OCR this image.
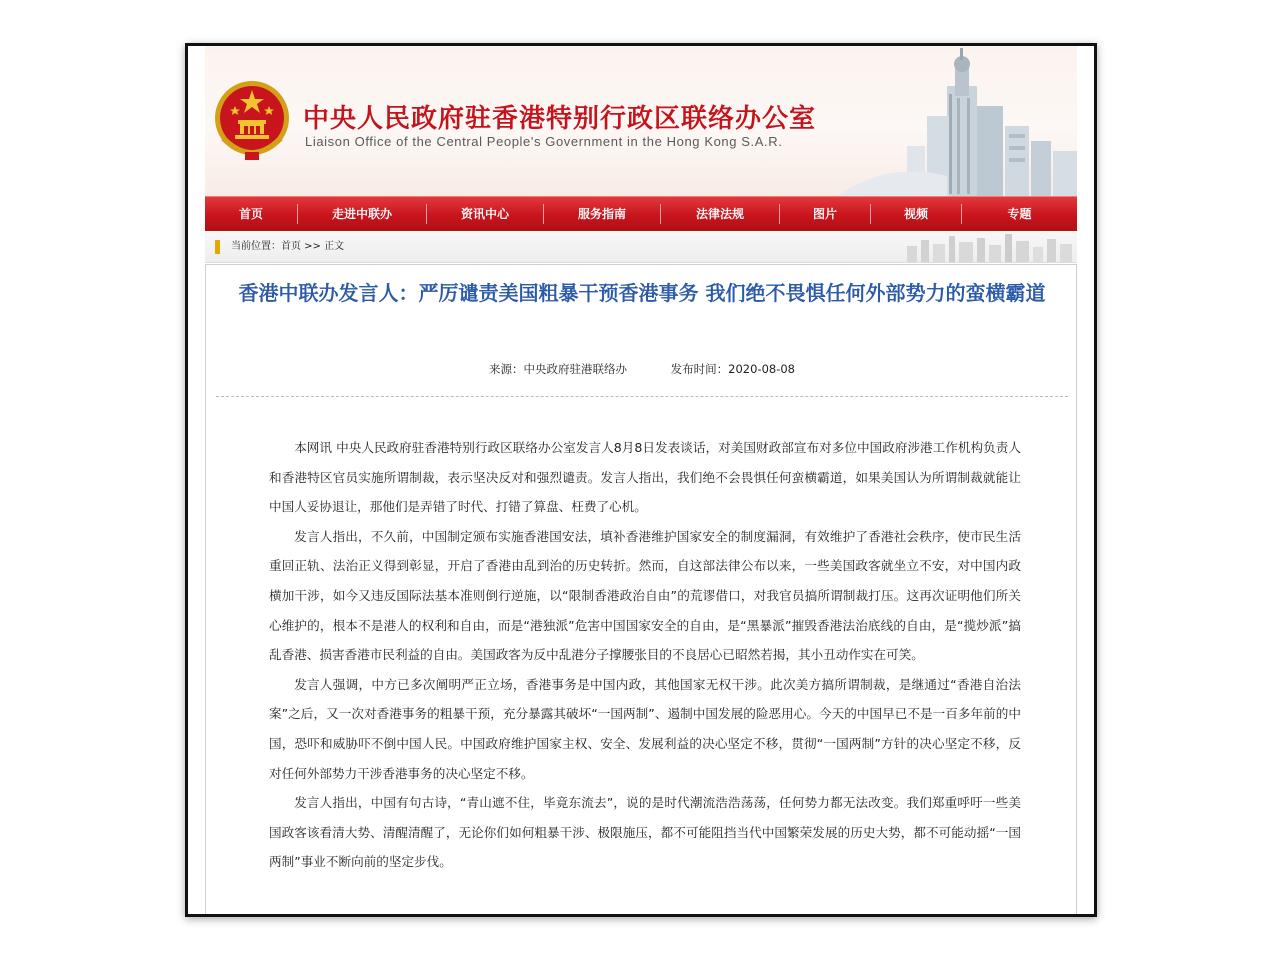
中央人民政府驻香港特别行政区联络办公室
Liaison Office of the Central People's Government in the Hong Kong S.A.R.
首页	走进中联办	资讯中心	服务指南	法律法规	图片	视频	专题
当前位置：首页 >> 正文
香港中联办发言人：严厉谴责美国粗暴干预香港事务 我们绝不畏惧任何外部势力的蛮横霸道
来源：中央政府驻港联络办	发布时间：2020-08-08

本网讯 中央人民政府驻香港特别行政区联络办公室发言人8月8日发表谈话，对美国财政部宣布对多位中国政府涉港工作机构负责人和香港特区官员实施所谓制裁，表示坚决反对和强烈谴责。发言人指出，我们绝不会畏惧任何蛮横霸道，如果美国认为所谓制裁就能让中国人妥协退让，那他们是弄错了时代、打错了算盘、枉费了心机。

发言人指出，不久前，中国制定颁布实施香港国安法，填补香港维护国家安全的制度漏洞，有效维护了香港社会秩序，使市民生活重回正轨、法治正义得到彰显，开启了香港由乱到治的历史转折。然而，自这部法律公布以来，一些美国政客就坐立不安，对中国内政横加干涉，如今又违反国际法基本准则倒行逆施，以“限制香港政治自由”的荒谬借口，对我官员搞所谓制裁打压。这再次证明他们所关心维护的，根本不是港人的权利和自由，而是“港独派”危害中国国家安全的自由，是“黑暴派”摧毁香港法治底线的自由，是“揽炒派”搞乱香港、损害香港市民利益的自由。美国政客为反中乱港分子撑腰张目的不良居心已昭然若揭，其小丑动作实在可笑。

发言人强调，中方已多次阐明严正立场，香港事务是中国内政，其他国家无权干涉。此次美方搞所谓制裁，是继通过“香港自治法案”之后，又一次对香港事务的粗暴干预，充分暴露其破坏“一国两制”、遏制中国发展的险恶用心。今天的中国早已不是一百多年前的中国，恐吓和威胁吓不倒中国人民。中国政府维护国家主权、安全、发展利益的决心坚定不移，贯彻“一国两制”方针的决心坚定不移，反对任何外部势力干涉香港事务的决心坚定不移。

发言人指出，中国有句古诗，“青山遮不住，毕竟东流去”，说的是时代潮流浩浩荡荡，任何势力都无法改变。我们郑重呼吁一些美国政客该看清大势、清醒清醒了，无论你们如何粗暴干涉、极限施压，都不可能阻挡当代中国繁荣发展的历史大势，都不可能动摇“一国两制”事业不断向前的坚定步伐。
